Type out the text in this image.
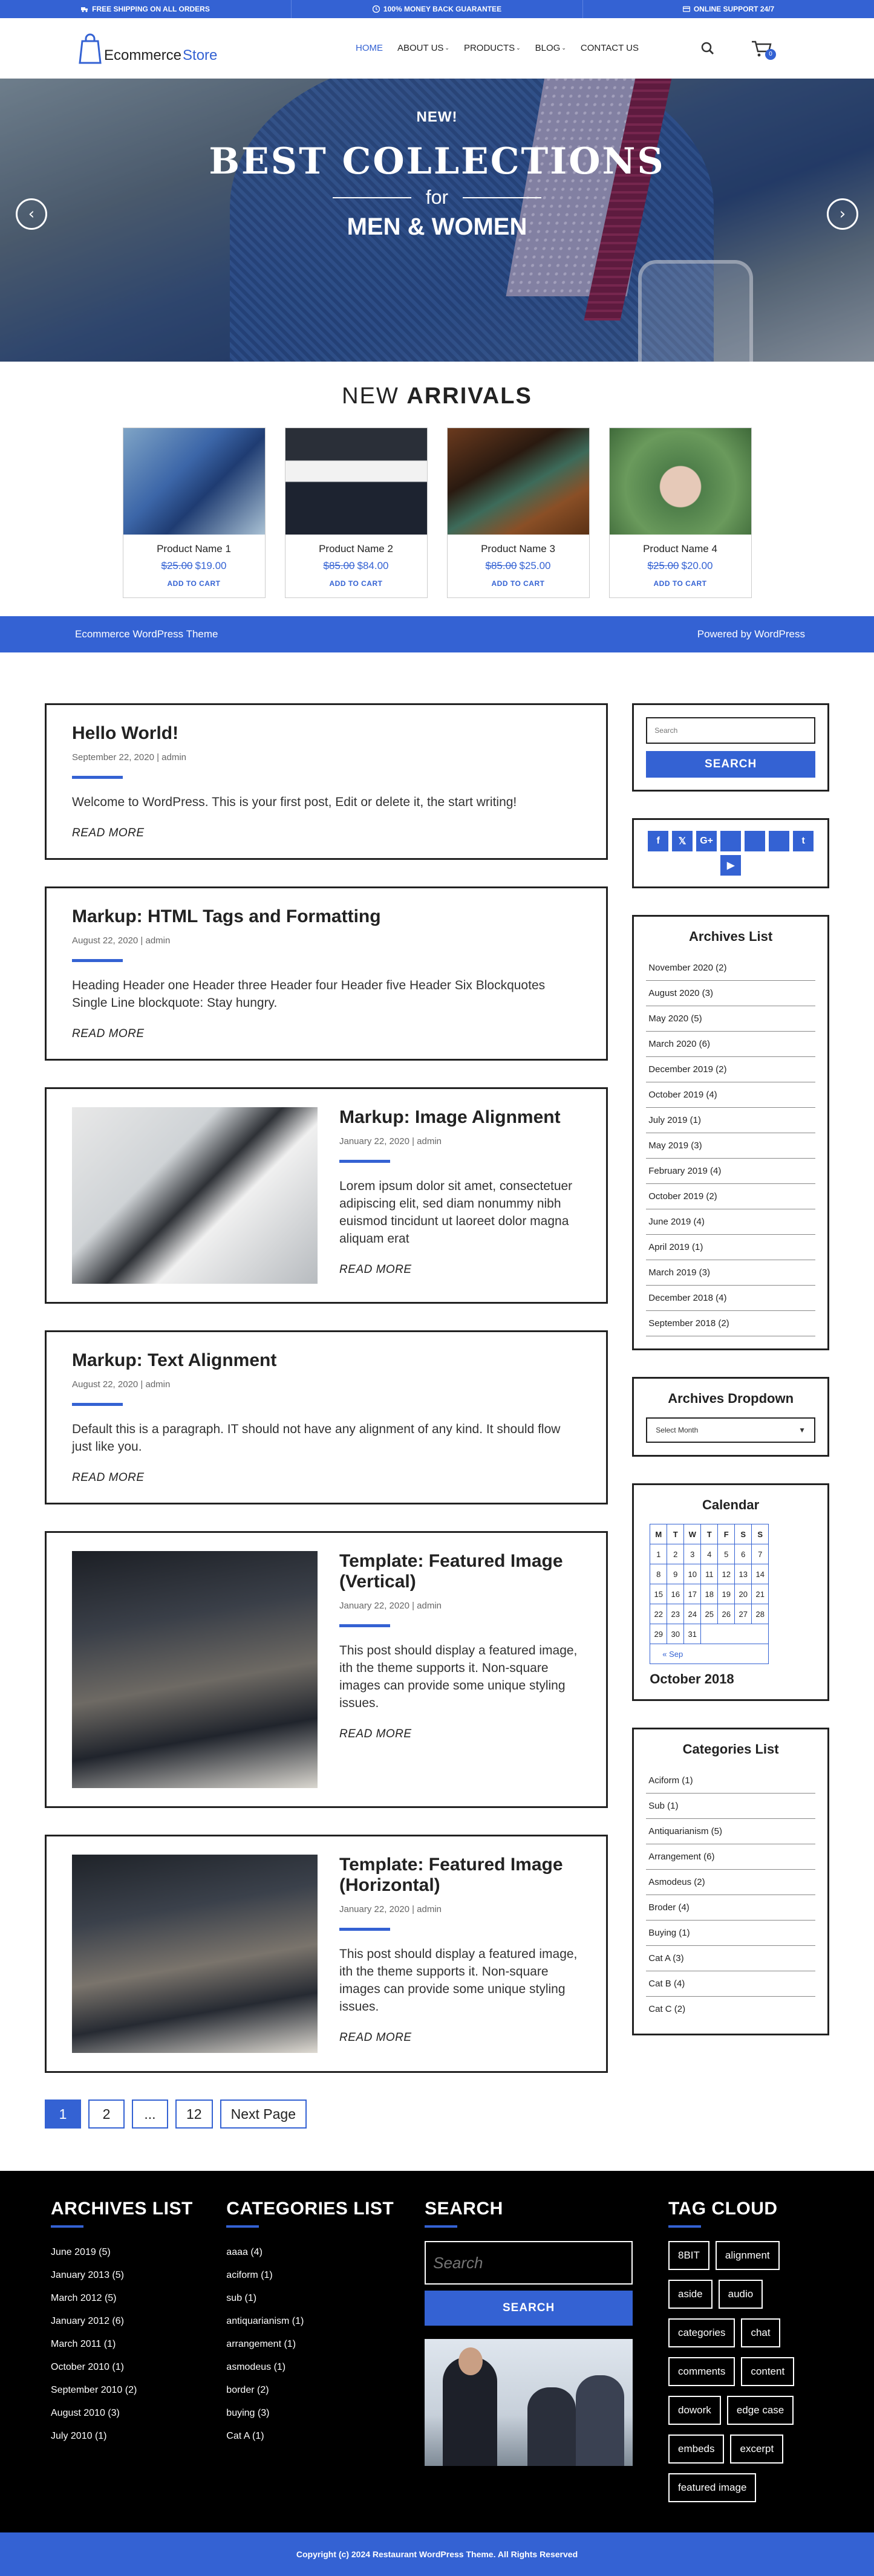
FREE SHIPPING ON ALL ORDERS	100% MONEY BACK GUARANTEE	ONLINE SUPPORT 24/7
Ecommerce Store	HOME ABOUT US ⌄ PRODUCTS ⌄ BLOG ⌄ CONTACT US
0
NEW!
BEST COLLECTIONS
for
MEN & WOMEN
‹	›
NEW ARRIVALS
Product Name 1
$25.00 $19.00
ADD TO CART
Product Name 2
$85.00 $84.00
ADD TO CART
Product Name 3
$85.00 $25.00
ADD TO CART
Product Name 4
$25.00 $20.00
ADD TO CART
Ecommerce WordPress Theme	Powered by WordPress
Hello World!
September 22, 2020 | admin
Welcome to WordPress. This is your first post, Edit or delete it, the start writing!
READ MORE
Markup: HTML Tags and Formatting
August 22, 2020 | admin
Heading Header one Header three Header four Header five Header Six Blockquotes Single Line blockquote: Stay hungry.
READ MORE
Markup: Image Alignment
January 22, 2020 | admin
Lorem ipsum dolor sit amet, consectetuer adipiscing elit, sed diam nonummy nibh euismod tincidunt ut laoreet dolor magna aliquam erat
READ MORE
Markup: Text Alignment
August 22, 2020 | admin
Default this is a paragraph. IT should not have any alignment of any kind. It should flow just like you.
READ MORE
Template: Featured Image (Vertical)
January 22, 2020 | admin
This post should display a featured image, ith the theme supports it. Non-square images can provide some unique styling issues.
READ MORE
Template: Featured Image (Horizontal)
January 22, 2020 | admin
This post should display a featured image, ith the theme supports it. Non-square images can provide some unique styling issues.
READ MORE
1	2	...	12	Next Page
Search
SEARCH
f	𝕏	G+	t
▶
Archives List
November 2020 (2)
August 2020 (3)
May 2020 (5)
March 2020 (6)
December 2019 (2)
October 2019 (4)
July 2019 (1)
May 2019 (3)
February 2019 (4)
October 2019 (2)
June 2019 (4)
April 2019 (1)
March 2019 (3)
December 2018 (4)
September 2018 (2)
Archives Dropdown
Select Month	▼
Calendar
M	T	W	T	F	S	S
1	2	3	4	5	6	7
8	9	10	11	12	13	14
15	16	17	18	19	20	21
22	23	24	25	26	27	28
29	30	31				
« Sep						
October 2018
Categories List
Aciform (1)
Sub (1)
Antiquarianism (5)
Arrangement (6)
Asmodeus (2)
Broder (4)
Buying (1)
Cat A (3)
Cat B (4)
Cat C (2)
ARCHIVES LIST
June 2019 (5)
January 2013 (5)
March 2012 (5)
January 2012 (6)
March 2011 (1)
October 2010 (1)
September 2010 (2)
August 2010 (3)
July 2010 (1)
CATEGORIES LIST
aaaa (4)
aciform (1)
sub (1)
antiquarianism (1)
arrangement (1)
asmodeus (1)
border (2)
buying (3)
Cat A (1)
SEARCH
Search
SEARCH
TAG CLOUD
8BIT	alignment
aside	audio
categories	chat
comments	content
dowork	edge case
embeds	excerpt
featured image
Copyright (c) 2024 Restaurant WordPress Theme. All Rights Reserved
